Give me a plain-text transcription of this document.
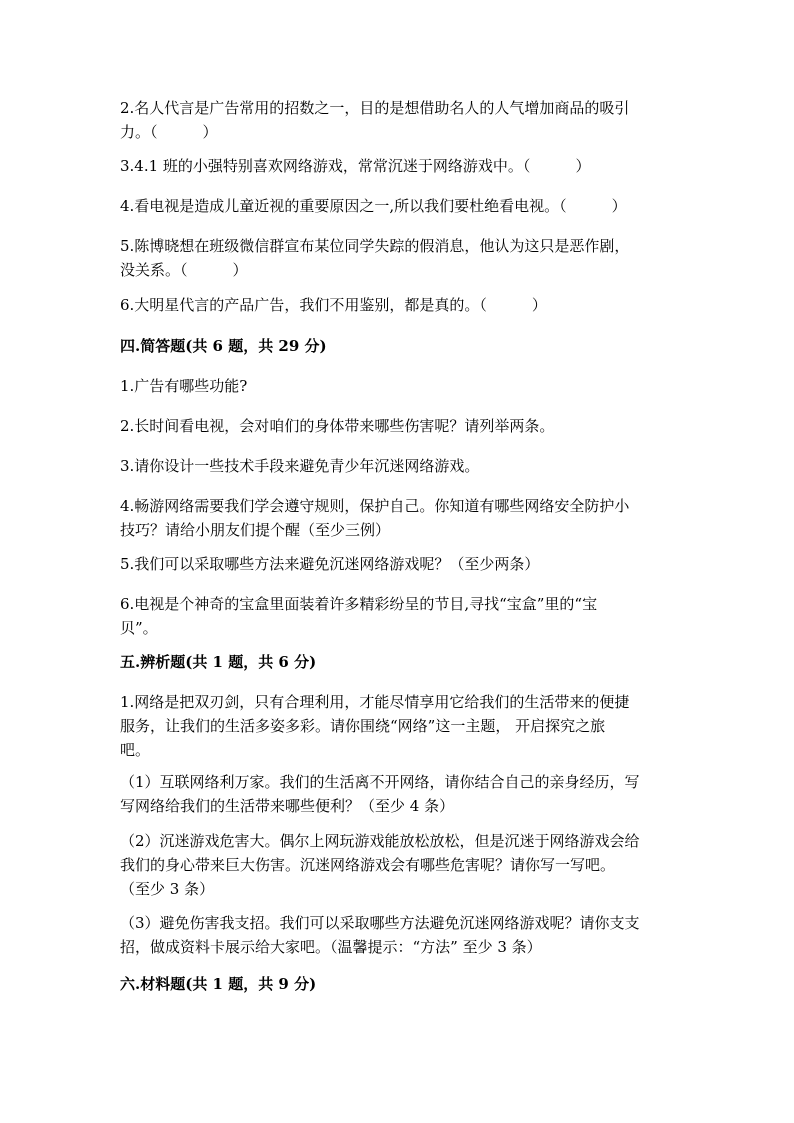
2.名人代言是广告常用的招数之一，目的是想借助名人的人气增加商品的吸引
力。（　　　）
3.4.1 班的小强特别喜欢网络游戏，常常沉迷于网络游戏中。（　　　）
4.看电视是造成儿童近视的重要原因之一,所以我们要杜绝看电视。（　　　）
5.陈博晓想在班级微信群宣布某位同学失踪的假消息，他认为这只是恶作剧，
没关系。（　　　）
6.大明星代言的产品广告，我们不用鉴别，都是真的。（　　　）
四.简答题(共 6 题，共 29 分)
1.广告有哪些功能?
2.长时间看电视，会对咱们的身体带来哪些伤害呢？请列举两条。
3.请你设计一些技术手段来避免青少年沉迷网络游戏。
4.畅游网络需要我们学会遵守规则，保护自己。你知道有哪些网络安全防护小
技巧？请给小朋友们提个醒（至少三例）
5.我们可以采取哪些方法来避免沉迷网络游戏呢？（至少两条）
6.电视是个神奇的宝盒里面装着许多精彩纷呈的节目,寻找“宝盒”里的“宝
贝”。
五.辨析题(共 1 题，共 6 分)
1.网络是把双刃剑，只有合理利用，才能尽情享用它给我们的生活带来的便捷
服务，让我们的生活多姿多彩。请你围绕“网络”这一主题， 开启探究之旅
吧。
（1）互联网络利万家。我们的生活离不开网络，请你结合自己的亲身经历，写
写网络给我们的生活带来哪些便利？（至少 4 条）
（2）沉迷游戏危害大。偶尔上网玩游戏能放松放松，但是沉迷于网络游戏会给
我们的身心带来巨大伤害。沉迷网络游戏会有哪些危害呢？请你写一写吧。
（至少 3 条）
（3）避免伤害我支招。我们可以采取哪些方法避免沉迷网络游戏呢？请你支支
招，做成资料卡展示给大家吧。（温馨提示：“方法” 至少 3 条）
六.材料题(共 1 题，共 9 分)
